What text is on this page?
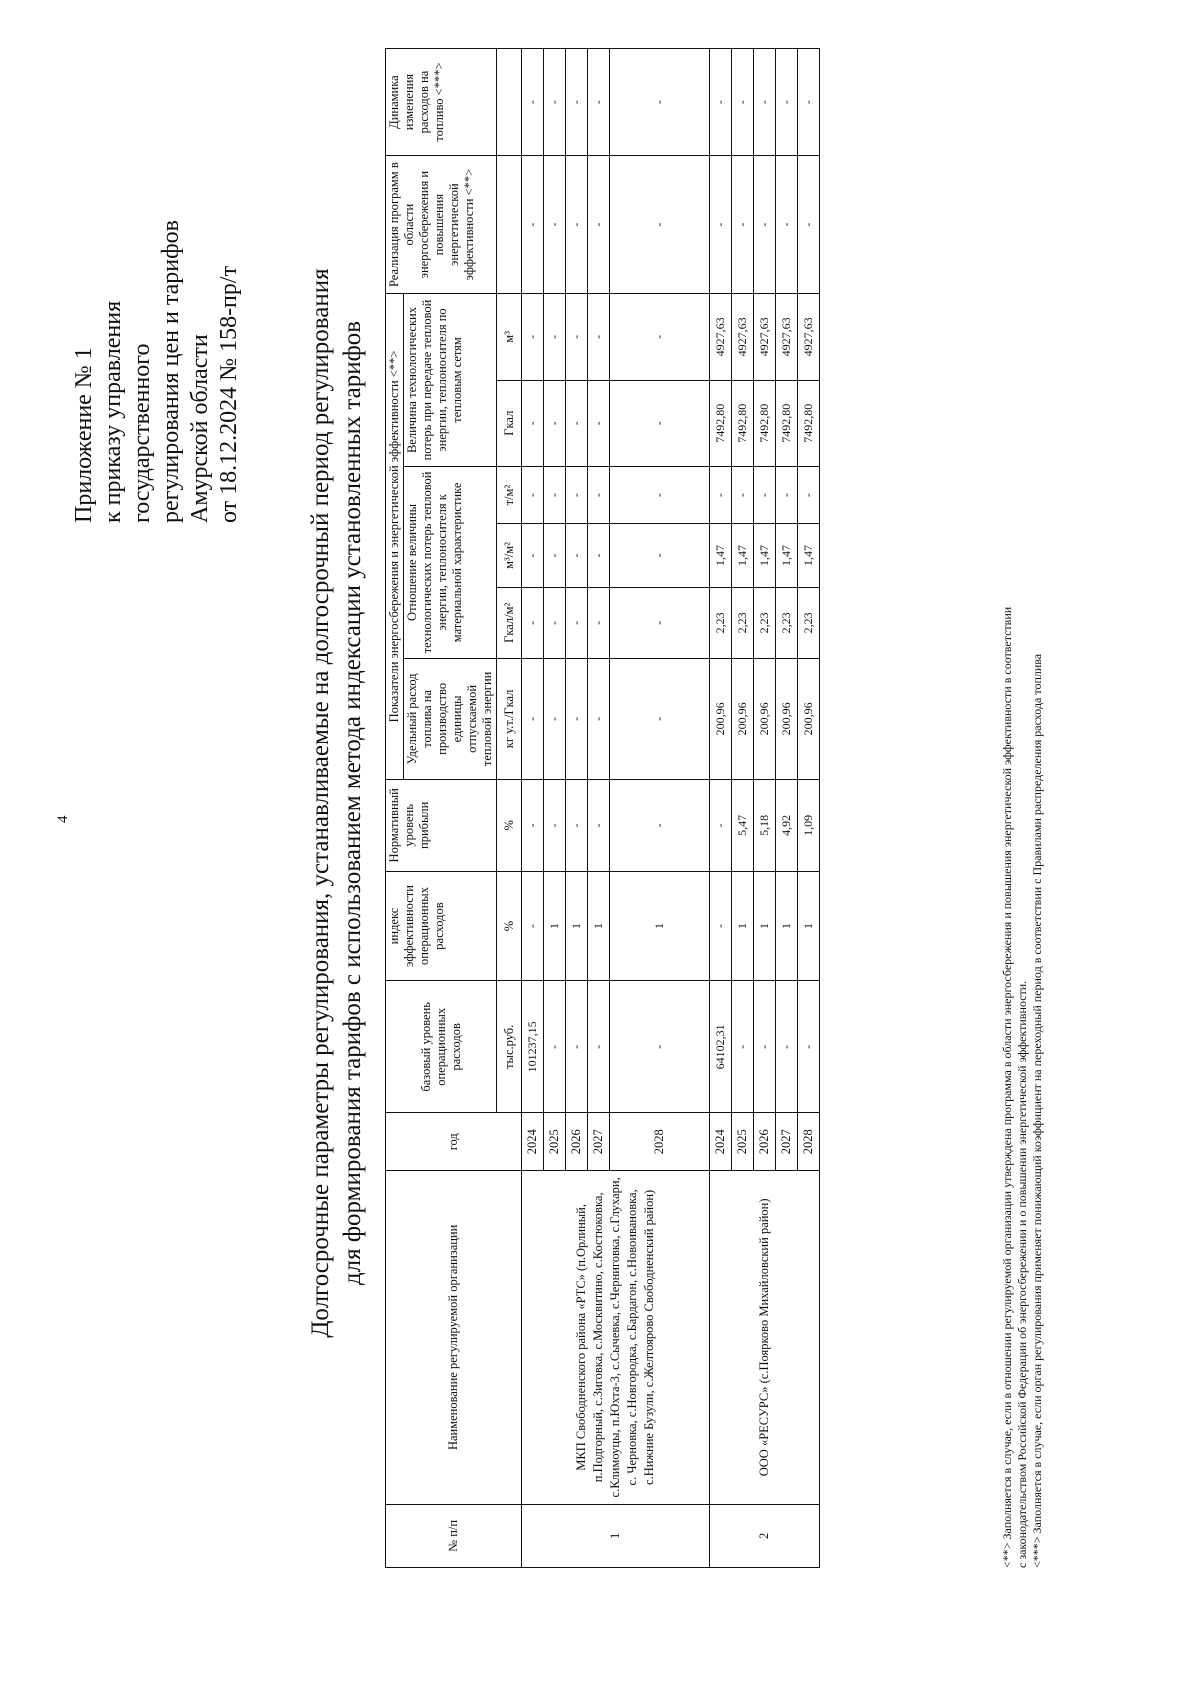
4
Приложение № 1 к приказу управления государственного регулирования цен и тарифов Амурской области от 18.12.2024 № 158-пр/т	Долгосрочные параметры регулирования, устанавливаемые на долгосрочный период регулирования для формирования тарифов с использованием метода индексации установленных тарифов
№ п/п	Наименование регулируемой организации	год	базовый уровень операционных расходов	индекс эффективности операционных расходов	Нормативный уровень прибыли	Показатели энергосбережения и энергетической эффективности <**>						Реализация программ в области энергосбережения и повышения энергетической эффективности <**>	Динамика изменения расходов на топливо <***>
						Удельный расход топлива на производство единицы отпускаемой тепловой энергии	Отношение величины технологических потерь тепловой энергии, теплоносителя к материальной характеристике			Величина технологических потерь при передаче тепловой энергии, теплоносителя по тепловым сетям			
			тыс.руб.	%	%	кг у.т./Гкал	Гкал/м²	м³/м²	т/м²	Гкал	м³		
1	МКП Свободненского района «РТС» (п.Орлиный, п.Подгорный, с.Зиговка, с.Москвитино, с.Костюковка, с.Климоуцы, п.Юхта-3, с.Сычевка, с.Черниговка, с.Глухари, с. Черновка, с.Новгородка, с.Бардагон, с.Новоивановка, с.Нижние Бузули, с.Желтоярово Свободненский район)	2024	101237,15	-	-	-	-	-	-	-	-	-	-
		2025	-	1	-	-	-	-	-	-	-	-	-
		2026	-	1	-	-	-	-	-	-	-	-	-
		2027	-	1	-	-	-	-	-	-	-	-	-
		2028	-	1	-	-	-	-	-	-	-	-	-
2	ООО «РЕСУРС» (с.Поярково Михайловский район)	2024	64102,31	-	-	200,96	2,23	1,47	-	7492,80	4927,63	-	-
		2025	-	1	5,47	200,96	2,23	1,47	-	7492,80	4927,63	-	-
		2026	-	1	5,18	200,96	2,23	1,47	-	7492,80	4927,63	-	-
		2027	-	1	4,92	200,96	2,23	1,47	-	7492,80	4927,63	-	-
		2028	-	1	1,09	200,96	2,23	1,47	-	7492,80	4927,63	-	-
<**> Заполняется в случае, если в отношении регулируемой организации утверждена программа в области энергосбережения и повышения энергетической эффективности в соответствии с законодательством Российской Федерации об энергосбережении и о повышении энергетической эффективности. <***> Заполняется в случае, если орган регулирования применяет понижающий коэффициент на переходный период в соответствии с Правилами распределения расхода топлива
